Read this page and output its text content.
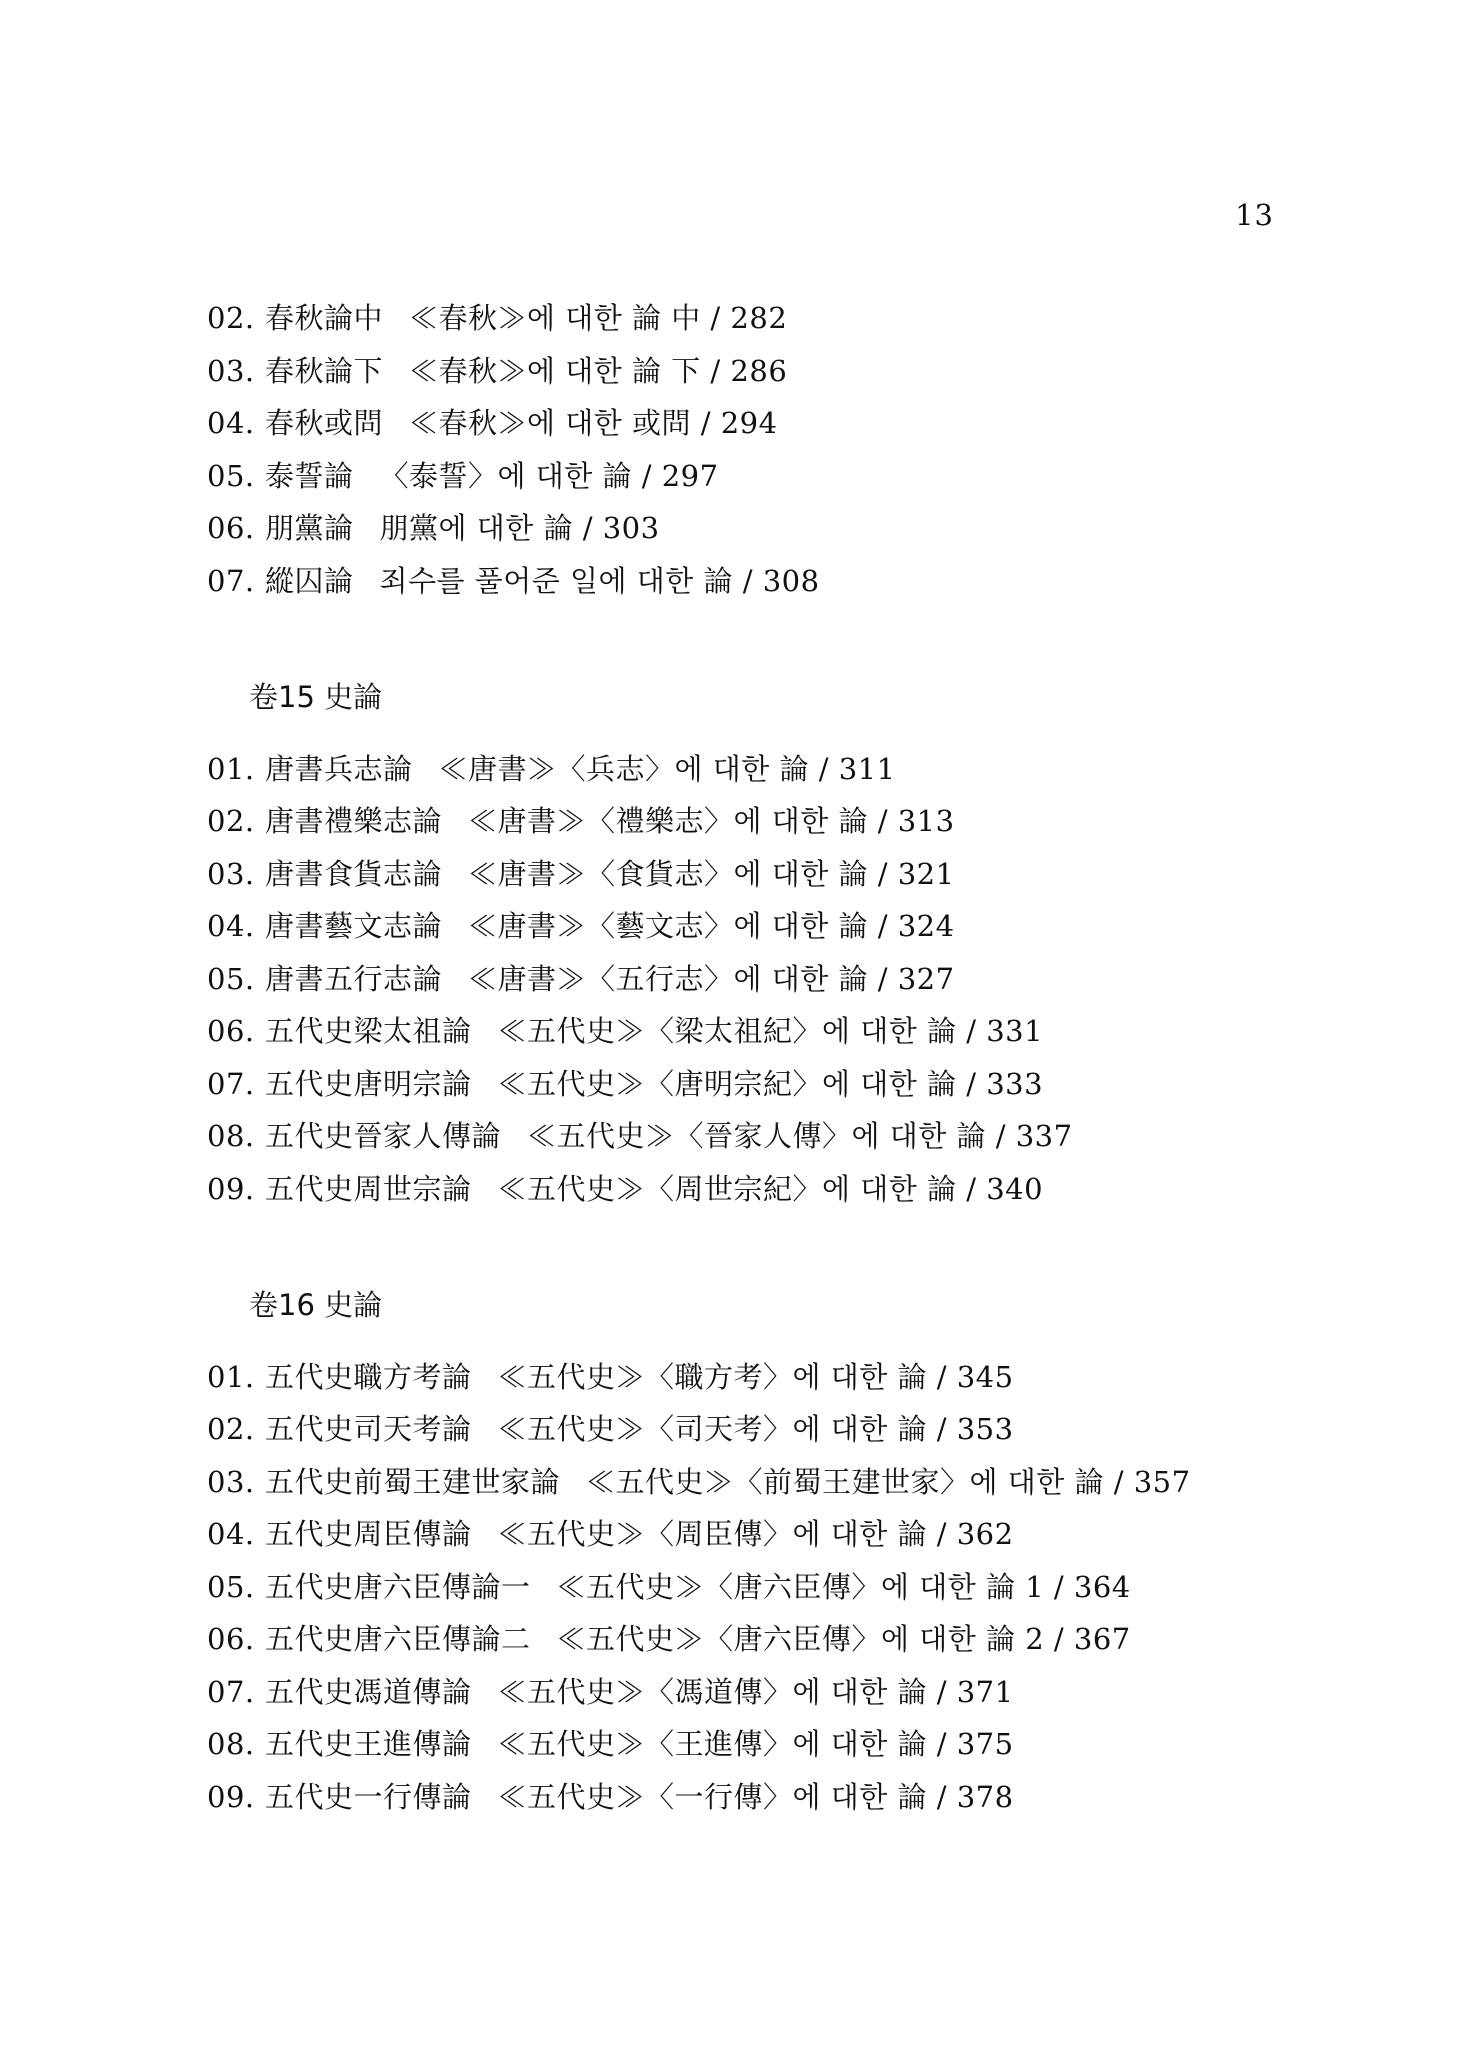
13
02. 春秋論中 ≪春秋≫에 대한 論 中 / 282
03. 春秋論下 ≪春秋≫에 대한 論 下 / 286
04. 春秋或問 ≪春秋≫에 대한 或問 / 294
05. 泰誓論 〈泰誓〉에 대한 論 / 297
06. 朋黨論 朋黨에 대한 論 / 303
07. 縱囚論 죄수를 풀어준 일에 대한 論 / 308
卷15 史論
01. 唐書兵志論 ≪唐書≫〈兵志〉에 대한 論 / 311
02. 唐書禮樂志論 ≪唐書≫〈禮樂志〉에 대한 論 / 313
03. 唐書食貨志論 ≪唐書≫〈食貨志〉에 대한 論 / 321
04. 唐書藝文志論 ≪唐書≫〈藝文志〉에 대한 論 / 324
05. 唐書五行志論 ≪唐書≫〈五行志〉에 대한 論 / 327
06. 五代史梁太祖論 ≪五代史≫〈梁太祖紀〉에 대한 論 / 331
07. 五代史唐明宗論 ≪五代史≫〈唐明宗紀〉에 대한 論 / 333
08. 五代史晉家人傳論 ≪五代史≫〈晉家人傳〉에 대한 論 / 337
09. 五代史周世宗論 ≪五代史≫〈周世宗紀〉에 대한 論 / 340
卷16 史論
01. 五代史職方考論 ≪五代史≫〈職方考〉에 대한 論 / 345
02. 五代史司天考論 ≪五代史≫〈司天考〉에 대한 論 / 353
03. 五代史前蜀王建世家論 ≪五代史≫〈前蜀王建世家〉에 대한 論 / 357
04. 五代史周臣傳論 ≪五代史≫〈周臣傳〉에 대한 論 / 362
05. 五代史唐六臣傳論一 ≪五代史≫〈唐六臣傳〉에 대한 論 1 / 364
06. 五代史唐六臣傳論二 ≪五代史≫〈唐六臣傳〉에 대한 論 2 / 367
07. 五代史馮道傳論 ≪五代史≫〈馮道傳〉에 대한 論 / 371
08. 五代史王進傳論 ≪五代史≫〈王進傳〉에 대한 論 / 375
09. 五代史一行傳論 ≪五代史≫〈一行傳〉에 대한 論 / 378
